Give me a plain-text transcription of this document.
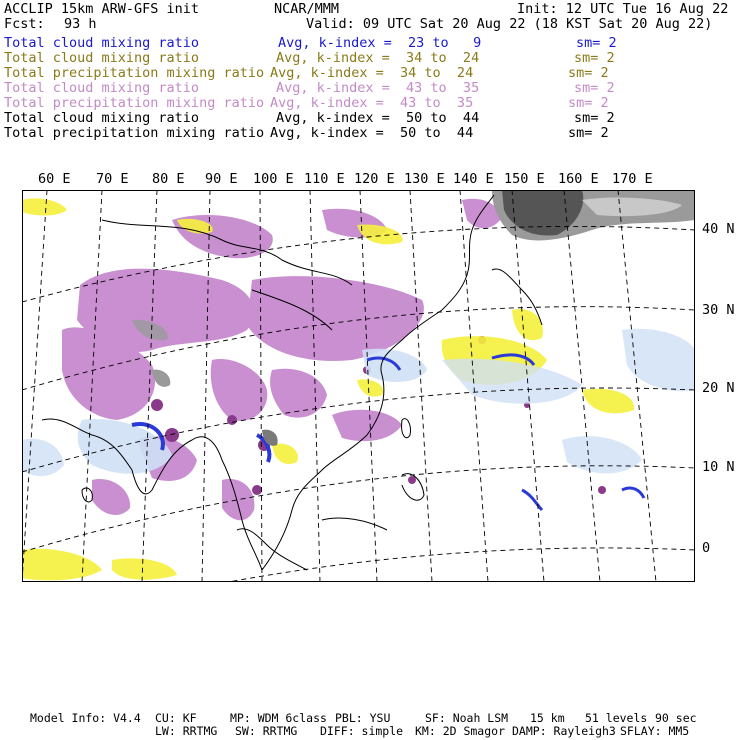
ACCLIP 15km ARW-GFS init	NCAR/MMM	Init: 12 UTC Tue 16 Aug 22
Fcst: 93 h	Valid: 09 UTC Sat 20 Aug 22 (18 KST Sat 20 Aug 22)
Total cloud mixing ratio	Avg, k-index =  23 to   9	sm= 2
Total cloud mixing ratio	Avg, k-index =  34 to  24	sm= 2
Total precipitation mixing ratio Avg, k-index =  34 to  24	sm= 2
Total cloud mixing ratio	Avg, k-index =  43 to  35	sm= 2
Total precipitation mixing ratio Avg, k-index =  43 to  35	sm= 2
Total cloud mixing ratio	Avg, k-index =  50 to  44	sm= 2
Total precipitation mixing ratio Avg, k-index =  50 to  44	sm= 2
60 E 70 E 80 E 90 E 100 E 110 E 120 E 130 E 140 E 150 E 160 E 170 E
40 N
30 N
20 N
10 N
0
Model Info: V4.4 CU: KF	MP: WDM 6class PBL: YSU	SF: Noah LSM 15 km 51 levels 90 sec
LW: RRTMG SW: RRTMG DIFF: simple KM: 2D Smagor DAMP: Rayleigh3 SFLAY: MM5
